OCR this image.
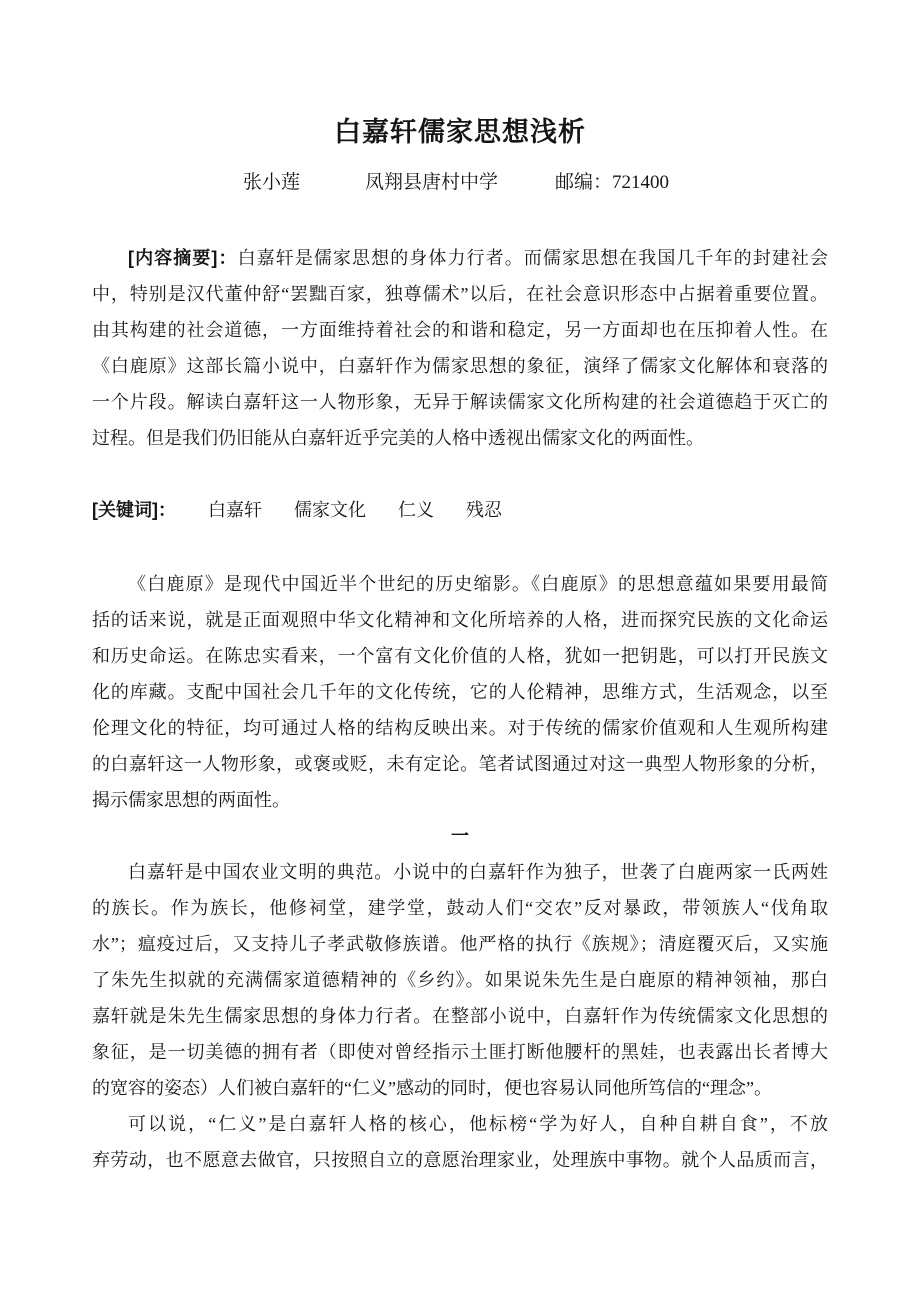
白嘉轩儒家思想浅析
张小莲	凤翔县唐村中学	邮编：721400
[内容摘要]：白嘉轩是儒家思想的身体力行者。而儒家思想在我国几千年的封建社会
中，特别是汉代董仲舒“罢黜百家，独尊儒术”以后，在社会意识形态中占据着重要位置。
由其构建的社会道德，一方面维持着社会的和谐和稳定，另一方面却也在压抑着人性。在
《白鹿原》这部长篇小说中，白嘉轩作为儒家思想的象征，演绎了儒家文化解体和衰落的
一个片段。解读白嘉轩这一人物形象，无异于解读儒家文化所构建的社会道德趋于灭亡的
过程。但是我们仍旧能从白嘉轩近乎完美的人格中透视出儒家文化的两面性。
[关键词]： 白嘉轩 儒家文化 仁义 残忍
《白鹿原》是现代中国近半个世纪的历史缩影。《白鹿原》的思想意蕴如果要用最简
括的话来说，就是正面观照中华文化精神和文化所培养的人格，进而探究民族的文化命运
和历史命运。在陈忠实看来，一个富有文化价值的人格，犹如一把钥匙，可以打开民族文
化的库藏。支配中国社会几千年的文化传统，它的人伦精神，思维方式，生活观念，以至
伦理文化的特征，均可通过人格的结构反映出来。对于传统的儒家价值观和人生观所构建
的白嘉轩这一人物形象，或褒或贬，未有定论。笔者试图通过对这一典型人物形象的分析，
揭示儒家思想的两面性。
一
白嘉轩是中国农业文明的典范。小说中的白嘉轩作为独子，世袭了白鹿两家一氏两姓
的族长。作为族长，他修祠堂，建学堂，鼓动人们“交农”反对暴政，带领族人“伐角取
水”；瘟疫过后，又支持儿子孝武敬修族谱。他严格的执行《族规》；清庭覆灭后，又实施
了朱先生拟就的充满儒家道德精神的《乡约》。如果说朱先生是白鹿原的精神领袖，那白
嘉轩就是朱先生儒家思想的身体力行者。在整部小说中，白嘉轩作为传统儒家文化思想的
象征，是一切美德的拥有者（即使对曾经指示土匪打断他腰杆的黑娃，也表露出长者博大
的宽容的姿态）人们被白嘉轩的“仁义”感动的同时，便也容易认同他所笃信的“理念”。
可以说，“仁义”是白嘉轩人格的核心，他标榜“学为好人，自种自耕自食”，不放
弃劳动，也不愿意去做官，只按照自立的意愿治理家业，处理族中事物。就个人品质而言，
